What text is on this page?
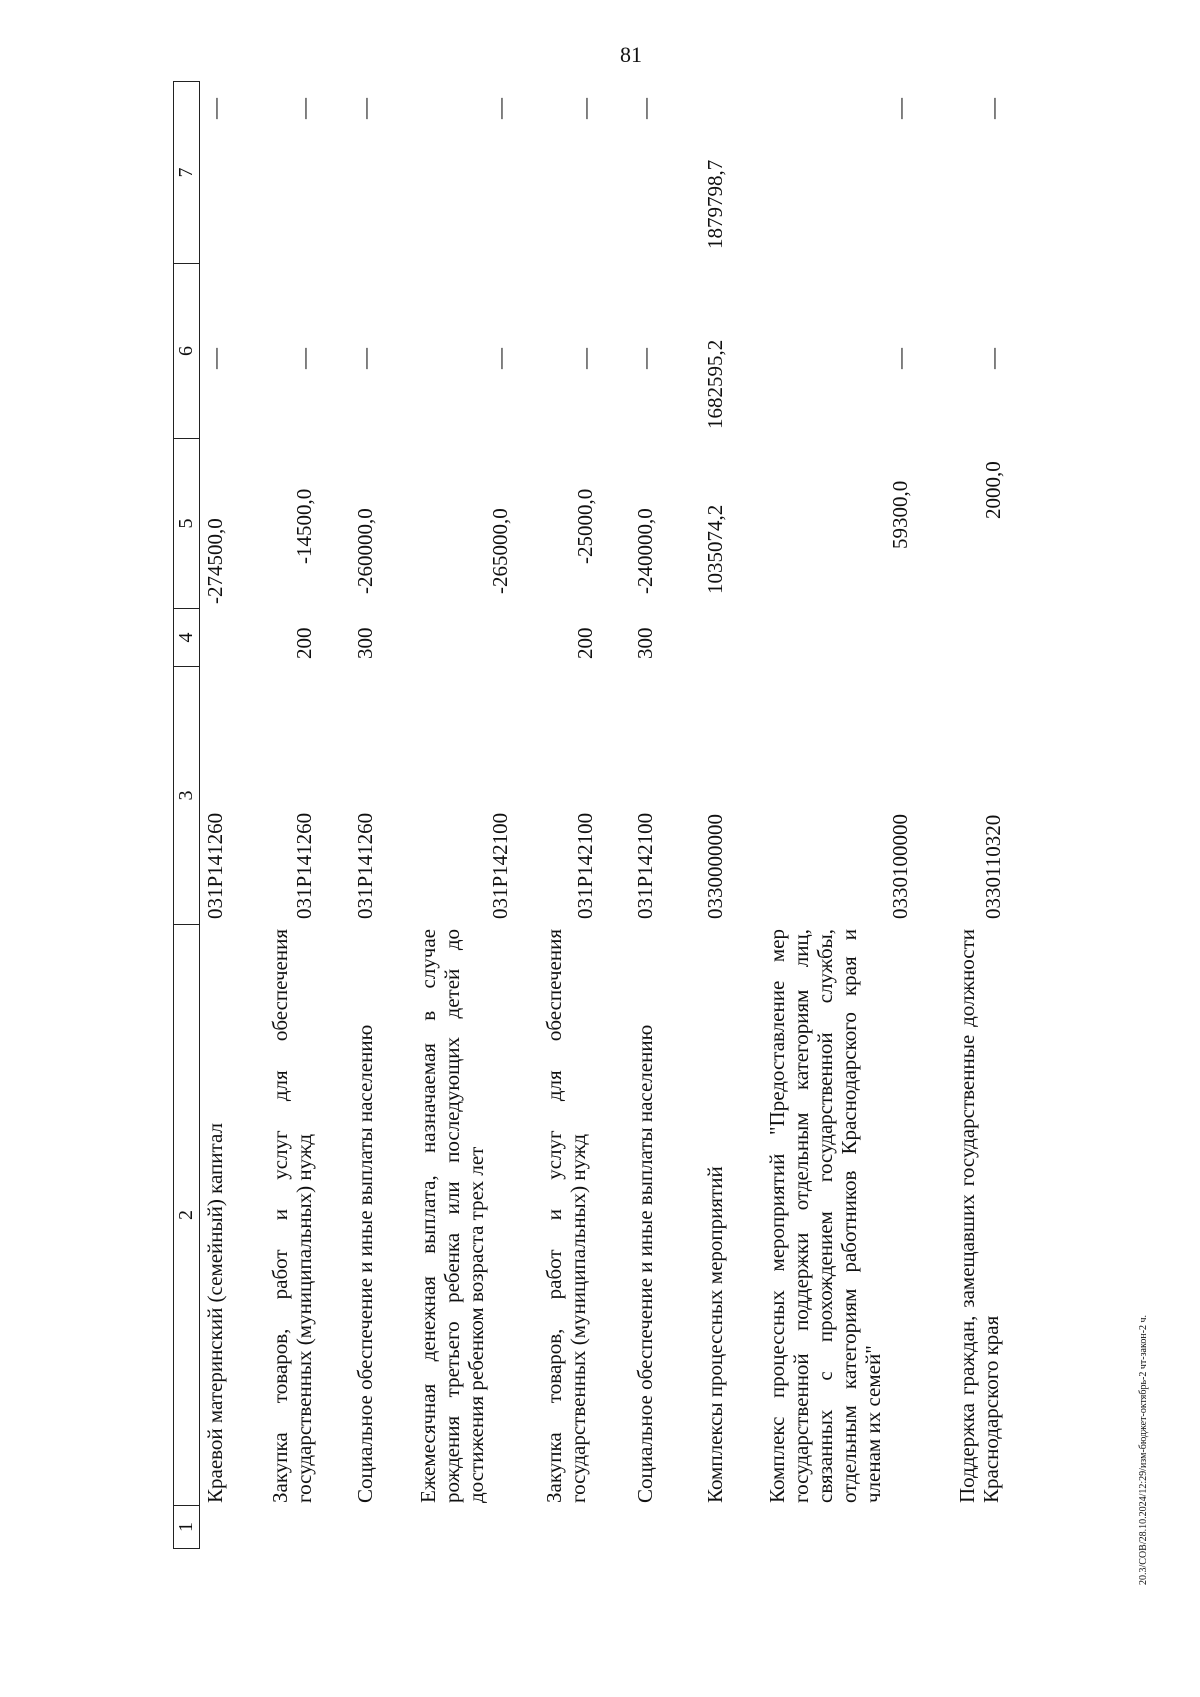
81
20.3/СОВ/28.10.2024/12:29/изм-бюджет-октябрь-2 чт-закон-2 ч.
1
2
3
4
5
6
7
Краевой материнский (семейный) капитал
031P141260
-274500,0
—
—
Закупка товаров, работ и услуг для обеспечения государственных (муниципальных) нужд
031P141260
200
-14500,0
—
—
Социальное обеспечение и иные выплаты населению
031P141260
300
-260000,0
—
—
Ежемесячная денежная выплата, назначаемая в случае рождения третьего ребенка или последующих детей до достижения ребенком возраста трех лет
031P142100
-265000,0
—
—
Закупка товаров, работ и услуг для обеспечения государственных (муниципальных) нужд
031P142100
200
-25000,0
—
—
Социальное обеспечение и иные выплаты населению
031P142100
300
-240000,0
—
—
Комплексы процессных мероприятий
0330000000
1035074,2
1682595,2
1879798,7
Комплекс процессных мероприятий "Предоставление мер государственной поддержки отдельным категориям лиц, связанных с прохождением государственной службы, отдельным категориям работников Краснодарского края и членам их семей"
0330100000
59300,0
—
—
Поддержка граждан, замещавших государственные должности Краснодарского края
0330110320
2000,0
—
—
